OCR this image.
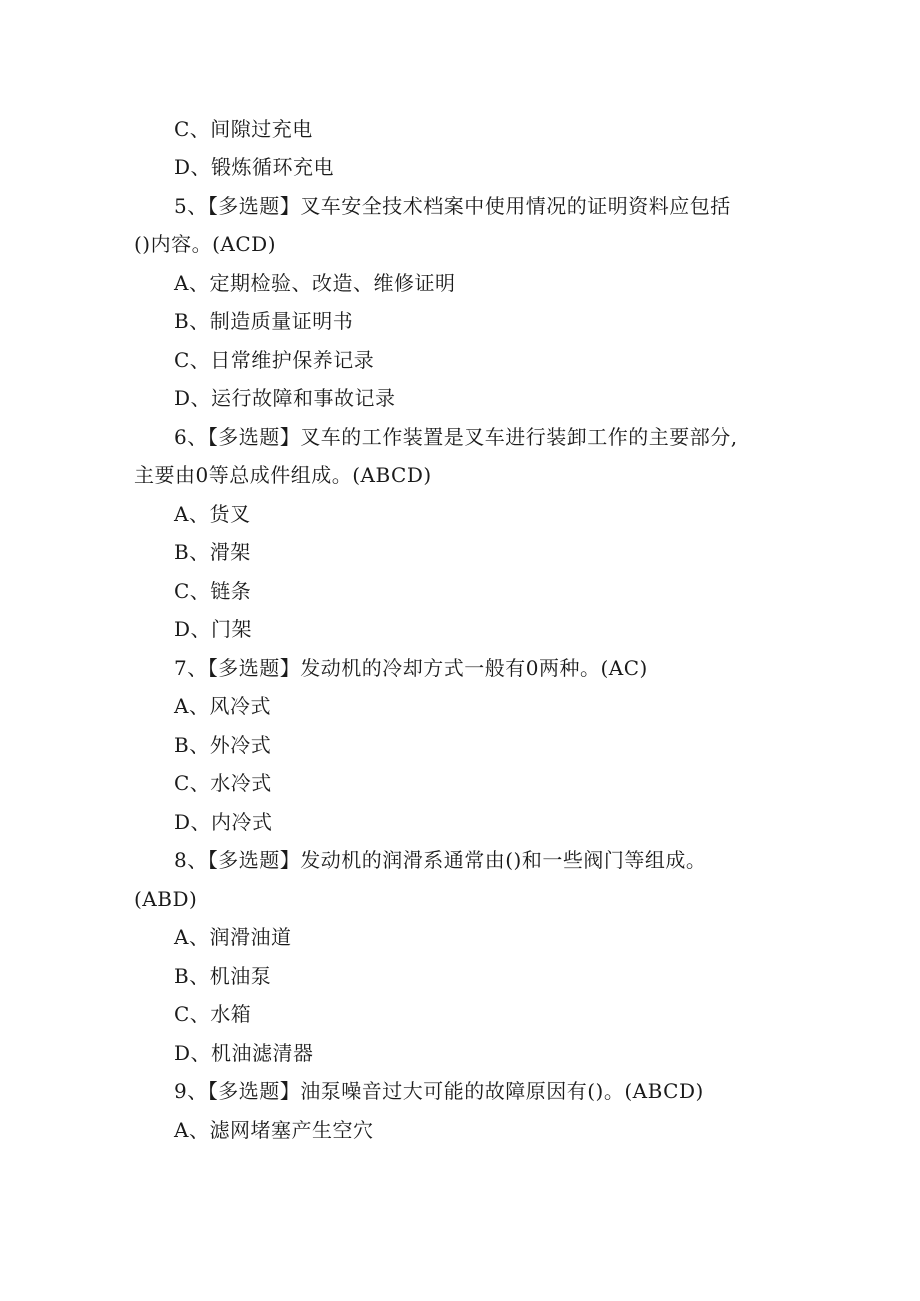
C、间隙过充电
D、锻炼循环充电
5、【多选题】叉车安全技术档案中使用情况的证明资料应包括
()内容。(ACD)
A、定期检验、改造、维修证明
B、制造质量证明书
C、日常维护保养记录
D、运行故障和事故记录
6、【多选题】叉车的工作装置是叉车进行装卸工作的主要部分,
主要由0等总成件组成。(ABCD)
A、货叉
B、滑架
C、链条
D、门架
7、【多选题】发动机的冷却方式一般有0两种。(AC)
A、风冷式
B、外冷式
C、水冷式
D、内冷式
8、【多选题】发动机的润滑系通常由()和一些阀门等组成。
(ABD)
A、润滑油道
B、机油泵
C、水箱
D、机油滤清器
9、【多选题】油泵噪音过大可能的故障原因有()。(ABCD)
A、滤网堵塞产生空穴
